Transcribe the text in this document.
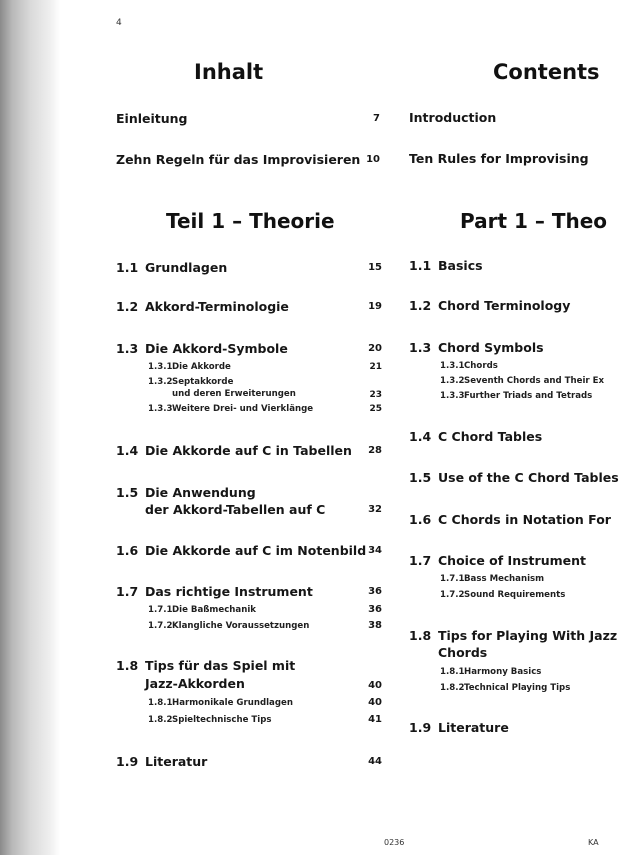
4
Inhalt
Einleitung	7
Zehn Regeln für das Improvisieren 10
Teil 1 – Theorie
1.1 Grundlagen	15
1.2 Akkord-Terminologie	19
1.3 Die Akkord-Symbole	20
1.3.1Die Akkorde	21
1.3.2Septakkorde
und deren Erweiterungen	23
1.3.3Weitere Drei- und Vierklänge	25
1.4 Die Akkorde auf C in Tabellen	28
1.5 Die Anwendung
der Akkord-Tabellen auf C	32
1.6 Die Akkorde auf C im Notenbild 34
1.7 Das richtige Instrument	36
1.7.1Die Baßmechanik	36
1.7.2Klangliche Voraussetzungen	38
1.8 Tips für das Spiel mit
Jazz-Akkorden	40
1.8.1Harmonikale Grundlagen	40
1.8.2Spieltechnische Tips	41
1.9 Literatur	44
Contents
Introduction
Ten Rules for Improvising
Part 1 – Theo
1.1 Basics
1.2 Chord Terminology
1.3 Chord Symbols
1.3.1Chords
1.3.2Seventh Chords and Their Ex
1.3.3Further Triads and Tetrads
1.4 C Chord Tables
1.5 Use of the C Chord Tables
1.6 C Chords in Notation For
1.7 Choice of Instrument
1.7.1Bass Mechanism
1.7.2Sound Requirements
1.8 Tips for Playing With Jazz
Chords
1.8.1Harmony Basics
1.8.2Technical Playing Tips
1.9 Literature
0236	KA
